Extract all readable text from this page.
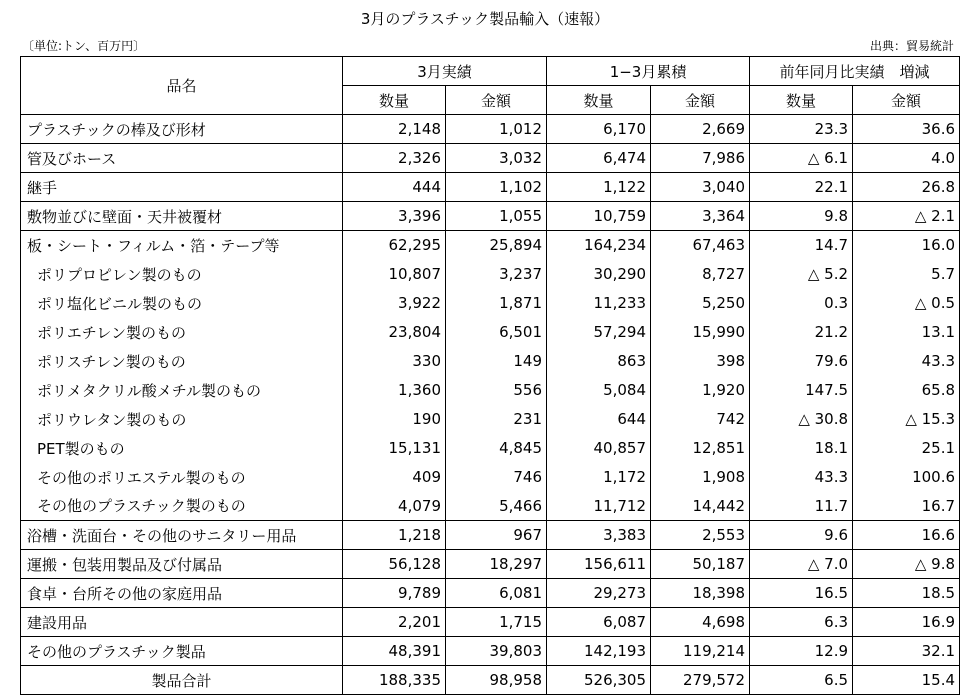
3月のプラスチック製品輸入（速報）
〔単位:トン、百万円〕	出典：貿易統計
品名	3月実績		1−3月累積		前年同月比実績　増減	
	数量	金額	数量	金額	数量	金額
プラスチックの棒及び形材	2,148	1,012	6,170	2,669	23.3	36.6
管及びホース	2,326	3,032	6,474	7,986	△ 6.1	4.0
継手	444	1,102	1,122	3,040	22.1	26.8
敷物並びに壁面・天井被覆材	3,396	1,055	10,759	3,364	9.8	△ 2.1
板・シート・フィルム・箔・テープ等	62,295	25,894	164,234	67,463	14.7	16.0
ポリプロピレン製のもの	10,807	3,237	30,290	8,727	△ 5.2	5.7
ポリ塩化ビニル製のもの	3,922	1,871	11,233	5,250	0.3	△ 0.5
ポリエチレン製のもの	23,804	6,501	57,294	15,990	21.2	13.1
ポリスチレン製のもの	330	149	863	398	79.6	43.3
ポリメタクリル酸メチル製のもの	1,360	556	5,084	1,920	147.5	65.8
ポリウレタン製のもの	190	231	644	742	△ 30.8	△ 15.3
PET製のもの	15,131	4,845	40,857	12,851	18.1	25.1
その他のポリエステル製のもの	409	746	1,172	1,908	43.3	100.6
その他のプラスチック製のもの	4,079	5,466	11,712	14,442	11.7	16.7
浴槽・洗面台・その他のサニタリー用品	1,218	967	3,383	2,553	9.6	16.6
運搬・包装用製品及び付属品	56,128	18,297	156,611	50,187	△ 7.0	△ 9.8
食卓・台所その他の家庭用品	9,789	6,081	29,273	18,398	16.5	18.5
建設用品	2,201	1,715	6,087	4,698	6.3	16.9
その他のプラスチック製品	48,391	39,803	142,193	119,214	12.9	32.1
製品合計	188,335	98,958	526,305	279,572	6.5	15.4
